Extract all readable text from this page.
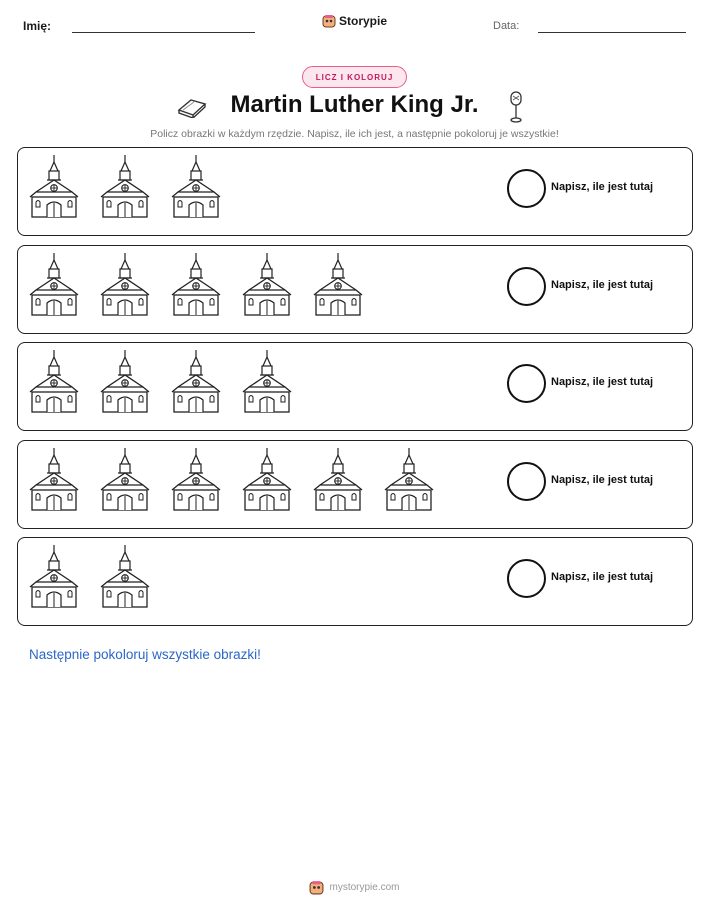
Imię:	Storypie	Data:
LICZ I KOLORUJ
Martin Luther King Jr.
Policz obrazki w każdym rzędzie. Napisz, ile ich jest, a następnie pokoloruj je wszystkie!
Napisz, ile jest tutaj
Napisz, ile jest tutaj
Napisz, ile jest tutaj
Napisz, ile jest tutaj
Napisz, ile jest tutaj
Następnie pokoloruj wszystkie obrazki!
mystorypie.com
